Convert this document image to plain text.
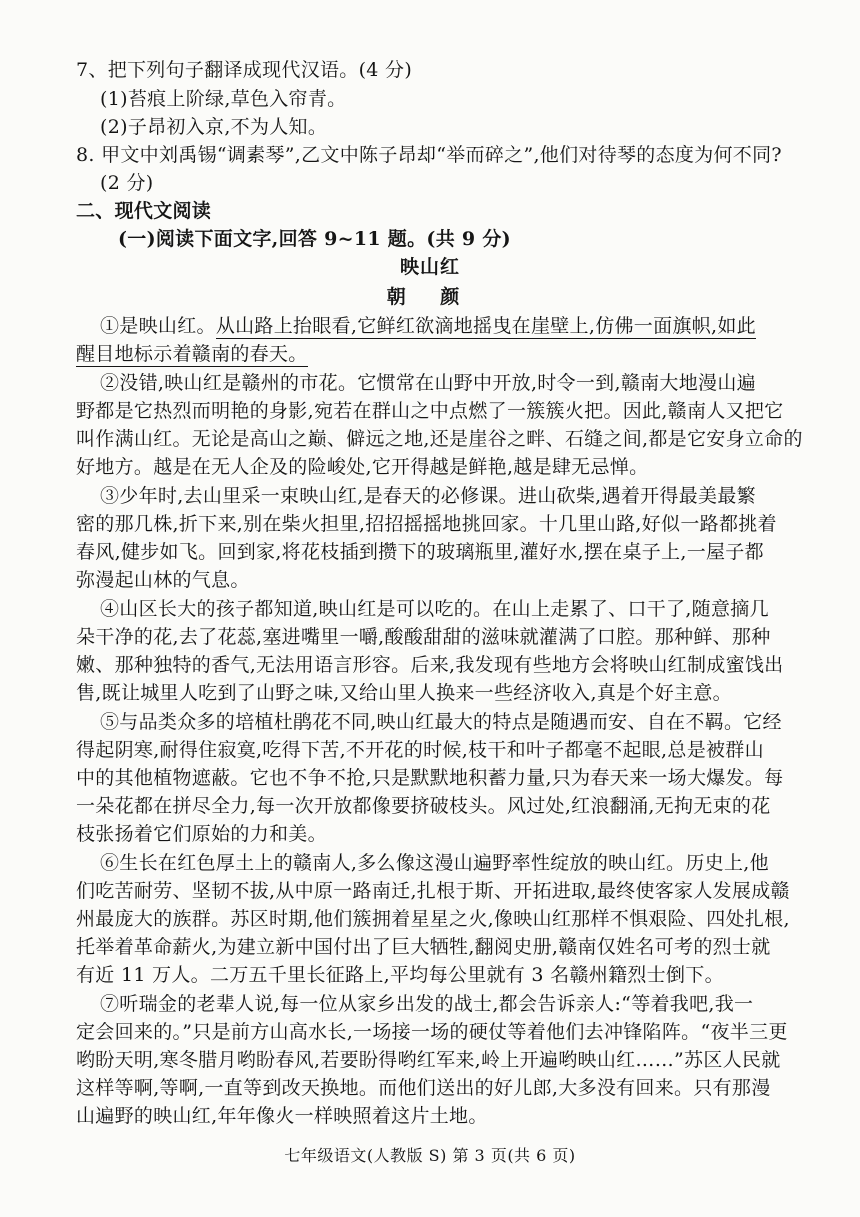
7、把下列句子翻译成现代汉语。(4 分)
(1)苔痕上阶绿,草色入帘青。
(2)子昂初入京,不为人知。
8. 甲文中刘禹锡“调素琴”,乙文中陈子昂却“举而碎之”,他们对待琴的态度为何不同?
(2 分)
二、现代文阅读
(一)阅读下面文字,回答 9~11 题。(共 9 分)
映山红
朝 颜
①是映山红。从山路上抬眼看,它鲜红欲滴地摇曳在崖壁上,仿佛一面旗帜,如此
醒目地标示着赣南的春天。
②没错,映山红是赣州的市花。它惯常在山野中开放,时令一到,赣南大地漫山遍
野都是它热烈而明艳的身影,宛若在群山之中点燃了一簇簇火把。因此,赣南人又把它
叫作满山红。无论是高山之巅、僻远之地,还是崖谷之畔、石缝之间,都是它安身立命的
好地方。越是在无人企及的险峻处,它开得越是鲜艳,越是肆无忌惮。
③少年时,去山里采一束映山红,是春天的必修课。进山砍柴,遇着开得最美最繁
密的那几株,折下来,别在柴火担里,招招摇摇地挑回家。十几里山路,好似一路都挑着
春风,健步如飞。回到家,将花枝插到攒下的玻璃瓶里,灌好水,摆在桌子上,一屋子都
弥漫起山林的气息。
④山区长大的孩子都知道,映山红是可以吃的。在山上走累了、口干了,随意摘几
朵干净的花,去了花蕊,塞进嘴里一嚼,酸酸甜甜的滋味就灌满了口腔。那种鲜、那种
嫩、那种独特的香气,无法用语言形容。后来,我发现有些地方会将映山红制成蜜饯出
售,既让城里人吃到了山野之味,又给山里人换来一些经济收入,真是个好主意。
⑤与品类众多的培植杜鹃花不同,映山红最大的特点是随遇而安、自在不羁。它经
得起阴寒,耐得住寂寞,吃得下苦,不开花的时候,枝干和叶子都毫不起眼,总是被群山
中的其他植物遮蔽。它也不争不抢,只是默默地积蓄力量,只为春天来一场大爆发。每
一朵花都在拼尽全力,每一次开放都像要挤破枝头。风过处,红浪翻涌,无拘无束的花
枝张扬着它们原始的力和美。
⑥生长在红色厚土上的赣南人,多么像这漫山遍野率性绽放的映山红。历史上,他
们吃苦耐劳、坚韧不拔,从中原一路南迁,扎根于斯、开拓进取,最终使客家人发展成赣
州最庞大的族群。苏区时期,他们簇拥着星星之火,像映山红那样不惧艰险、四处扎根,
托举着革命薪火,为建立新中国付出了巨大牺牲,翻阅史册,赣南仅姓名可考的烈士就
有近 11 万人。二万五千里长征路上,平均每公里就有 3 名赣州籍烈士倒下。
⑦听瑞金的老辈人说,每一位从家乡出发的战士,都会告诉亲人:“等着我吧,我一
定会回来的。”只是前方山高水长,一场接一场的硬仗等着他们去冲锋陷阵。“夜半三更
哟盼天明,寒冬腊月哟盼春风,若要盼得哟红军来,岭上开遍哟映山红……”苏区人民就
这样等啊,等啊,一直等到改天换地。而他们送出的好儿郎,大多没有回来。只有那漫
山遍野的映山红,年年像火一样映照着这片土地。
七年级语文(人教版 S) 第 3 页(共 6 页)
